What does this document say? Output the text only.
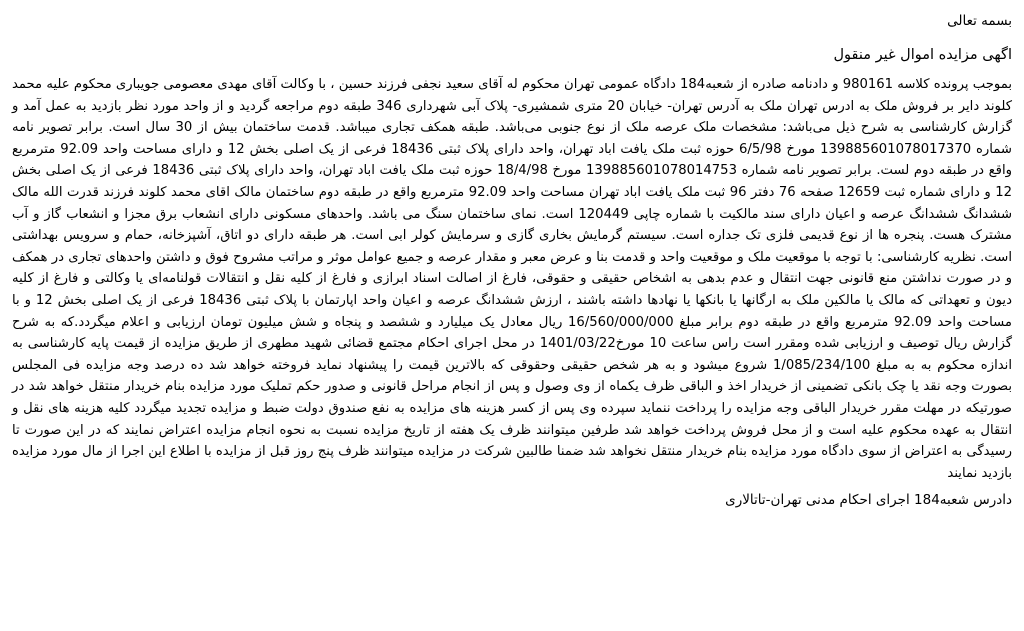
بسمه تعالی
اگهی مزایده اموال غیر منقول
بموجب پرونده کلاسه 980161 و دادنامه صادره از شعبه184 دادگاه عمومی تهران محکوم له آقای سعید نجفی فرزند حسین ، با وکالت آقای مهدی معصومی جویباری محکوم علیه محمد کلوند دایر بر فروش ملک به ادرس تهران ملک به آدرس تهران- خیابان 20 متری شمشیری- پلاک آبی شهرداری 346 طبقه دوم مراجعه گردید و از واحد مورد نظر بازدید به عمل آمد و گزارش کارشناسی به شرح ذیل می‌باشد: مشخصات ملک عرصه ملک از نوع جنوبی می‌باشد. طبقه همکف تجاری میباشد. قدمت ساختمان بیش از 30 سال است. برابر تصویر نامه شماره 139885601078017370 مورخ 6/5/98 حوزه ثبت ملک یافت اباد تهران، واحد دارای پلاک ثبتی 18436 فرعی از یک اصلی بخش 12 و دارای مساحت واحد 92.09 مترمربع واقع در طبقه دوم لست. برابر تصویر نامه شماره 139885601078014753 مورخ 18/4/98 حوزه ثبت ملک یافت اباد تهران، واحد دارای پلاک ثبتی 18436 فرعی از یک اصلی بخش 12 و دارای شماره ثبت 12659 صفحه 76 دفتر 96 ثبت ملک یافت اباد تهران مساحت واحد 92.09 مترمربع واقع در طبقه دوم ساختمان مالک اقای محمد کلوند فرزند قدرت الله مالک ششدانگ ششدانگ عرصه و اعیان دارای سند مالکیت با شماره چاپی 120449 است. نمای ساختمان سنگ می باشد. واحدهای مسکونی دارای انشعاب برق مجزا و انشعاب گاز و آب مشترک هست. پنجره ها از نوع قدیمی فلزی تک جداره است. سیستم گرمایش بخاری گازی و سرمایش کولر ابی است. هر طبقه دارای دو اتاق، آشپزخانه، حمام و سرویس بهداشتی است. نظریه کارشناسی: با توجه با موقعیت ملک و موقعیت واحد و قدمت بنا و عرض معبر و مقدار عرصه و جمیع عوامل موثر و مراتب مشروح فوق و داشتن واحدهای تجاری در همکف و در صورت نداشتن منع قانونی جهت انتقال و عدم بدهی به اشخاص حقیقی و حقوقی، فارغ از اصالت اسناد ابرازی و فارغ از کلیه نقل و انتقالات قولنامه‌ای یا وکالتی و فارغ از کلیه دیون و تعهداتی که مالک یا مالکین ملک به ارگانها یا بانکها یا نهادها داشته باشند ، ارزش ششدانگ عرصه و اعیان واحد اپارتمان با پلاک ثبتی 18436 فرعی از یک اصلی بخش 12 و با مساحت واحد 92.09 مترمربع واقع در طبقه دوم برابر مبلغ 16/560/000/000 ریال معادل یک میلیارد و ششصد و پنجاه و شش میلیون تومان ارزیابی و اعلام میگردد.که به شرح گزارش ریال توصیف و ارزیابی شده ومقرر است راس ساعت 10 مورخ1401/03/22 در محل اجرای احکام مجتمع قضائی شهید مطهری از طریق مزایده از قیمت پایه کارشناسی به اندازه محکوم به به مبلغ 1/085/234/100 شروع میشود و به هر شخص حقیقی وحقوقی که بالاترین قیمت را پیشنهاد نماید فروخته خواهد شد ده درصد وجه مزایده فی المجلس بصورت وجه نقد یا چک بانکی تضمینی از خریدار اخذ و الباقی ظرف یکماه از وی وصول و پس از انجام مراحل قانونی و صدور حکم تملیک مورد مزایده بنام خریدار منتقل خواهد شد در صورتیکه در مهلت مقرر خریدار الباقی وجه مزایده را پرداخت ننماید سپرده وی پس از کسر هزینه های مزایده به نفع صندوق دولت ضبط و مزایده تجدید میگردد کلیه هزینه های نقل و انتقال به عهده محکوم علیه است و از محل فروش پرداخت خواهد شد طرفین میتوانند ظرف یک هفته از تاریخ مزایده نسبت به نحوه انجام مزایده اعتراض نمایند که در این صورت تا رسیدگی به اعتراض از سوی دادگاه مورد مزایده بنام خریدار منتقل نخواهد شد ضمنا طالبین شرکت در مزایده میتوانند ظرف پنج روز قبل از مزایده با اطلاع این اجرا از مال مورد مزایده بازدید نمایند
دادرس شعبه184 اجرای احکام مدنی تهران-تاتالاری
